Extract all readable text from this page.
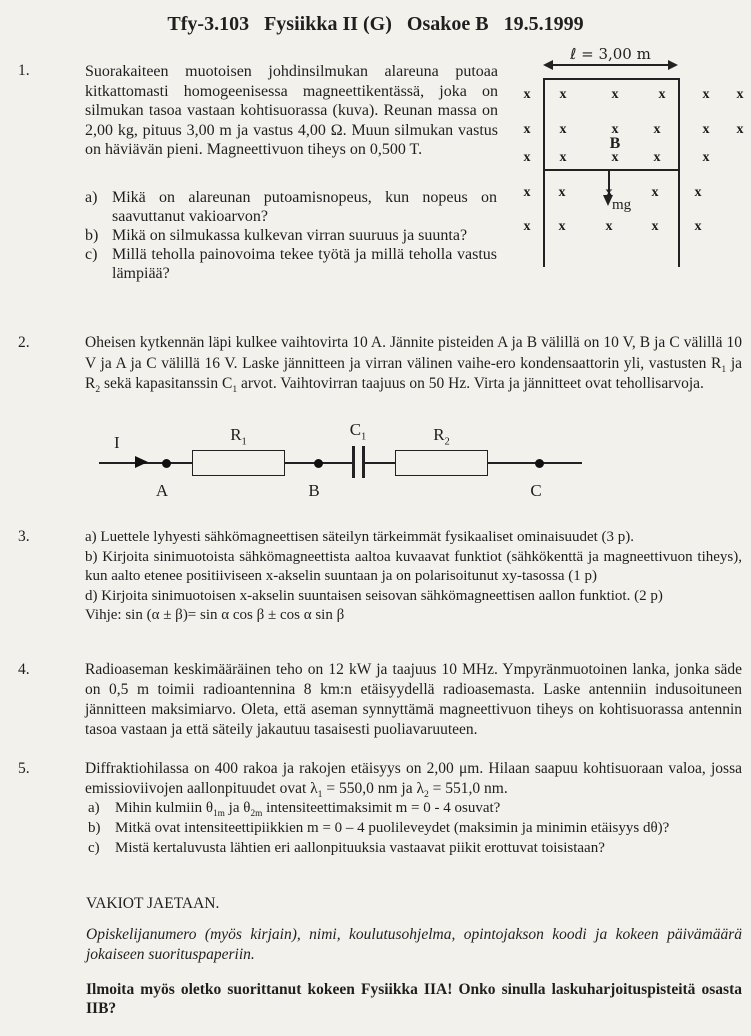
Tfy-3.103 Fysiikka II (G) Osakoe B 19.5.1999
1.	Suorakaiteen muotoisen johdinsilmukan alareuna putoaa kitkattomasti homogeenisessa magneettikentässä, joka on silmukan tasoa vastaan kohtisuorassa (kuva). Reunan massa on 2,00 kg, pituus 3,00 m ja vastus 4,00 Ω. Muun silmukan vastus on häviävän pieni. Magneettivuon tiheys on 0,500 T.
a) Mikä on alareunan putoamisnopeus, kun nopeus on saavuttanut vakioarvon?
b) Mikä on silmukassa kulkevan virran suuruus ja suunta?
c) Millä teholla painovoima tekee työtä ja millä teholla vastus lämpiää?
ℓ = 3,00 m
B
mg
x x	x	x	x x
x x	x	x	x x
x x	x	x	x
x x	x	x	x
x x	x	x	x
2.	Oheisen kytkennän läpi kulkee vaihtovirta 10 A. Jännite pisteiden A ja B välillä on 10 V, B ja C välillä 10 V ja A ja C välillä 16 V. Laske jännitteen ja virran välinen vaihe-ero kondensaattorin yli, vastusten $R_1$ ja $R_2$ sekä kapasitanssin $C_1$ arvot. Vaihtovirran taajuus on 50 Hz. Virta ja jännitteet ovat tehollisarvoja.
I	$R_1$
$C_1$	$R_2$
A	B	C
3.	a) Luettele lyhyesti sähkömagneettisen säteilyn tärkeimmät fysikaaliset ominaisuudet (3 p).

b) Kirjoita sinimuotoista sähkömagneettista aaltoa kuvaavat funktiot (sähkökenttä ja magneettivuon tiheys), kun aalto etenee positiiviseen x-akselin suuntaan ja on polarisoitunut xy-tasossa (1 p)

d) Kirjoita sinimuotoisen x-akselin suuntaisen seisovan sähkömagneettisen aallon funktiot. (2 p)

Vihje: sin (α ± β)= sin α cos β ± cos α sin β

4.	Radioaseman keskimääräinen teho on 12 kW ja taajuus 10 MHz. Ympyränmuotoinen lanka, jonka säde on 0,5 m toimii radioantennina 8 km:n etäisyydellä radioasemasta. Laske antenniin indusoituneen jännitteen maksimiarvo. Oleta, että aseman synnyttämä magneettivuon tiheys on kohtisuorassa antennin tasoa vastaan ja että säteily jakautuu tasaisesti puoliavaruuteen.
5.	Diffraktiohilassa on 400 rakoa ja rakojen etäisyys on 2,00 μm. Hilaan saapuu kohtisuoraan valoa, jossa emissioviivojen aallonpituudet ovat $\lambda_1 = 550,0$ nm ja $\lambda_2 = 551,0$ nm.
a)	Mihin kulmiin $\theta_{1m}$ ja $\theta_{2m}$ intensiteettimaksimit m = 0 - 4 osuvat?
b) Mitkä ovat intensiteettipiikkien m = 0 – 4 puolileveydet (maksimin ja minimin etäisyys dθ)?
c)	Mistä kertaluvusta lähtien eri aallonpituuksia vastaavat piikit erottuvat toisistaan?
VAKIOT JAETAAN.
Opiskelijanumero (myös kirjain), nimi, koulutusohjelma, opintojakson koodi ja kokeen päivämäärä jokaiseen suorituspaperiin.
Ilmoita myös oletko suorittanut kokeen Fysiikka IIA! Onko sinulla laskuharjoituspisteitä osasta IIB?
